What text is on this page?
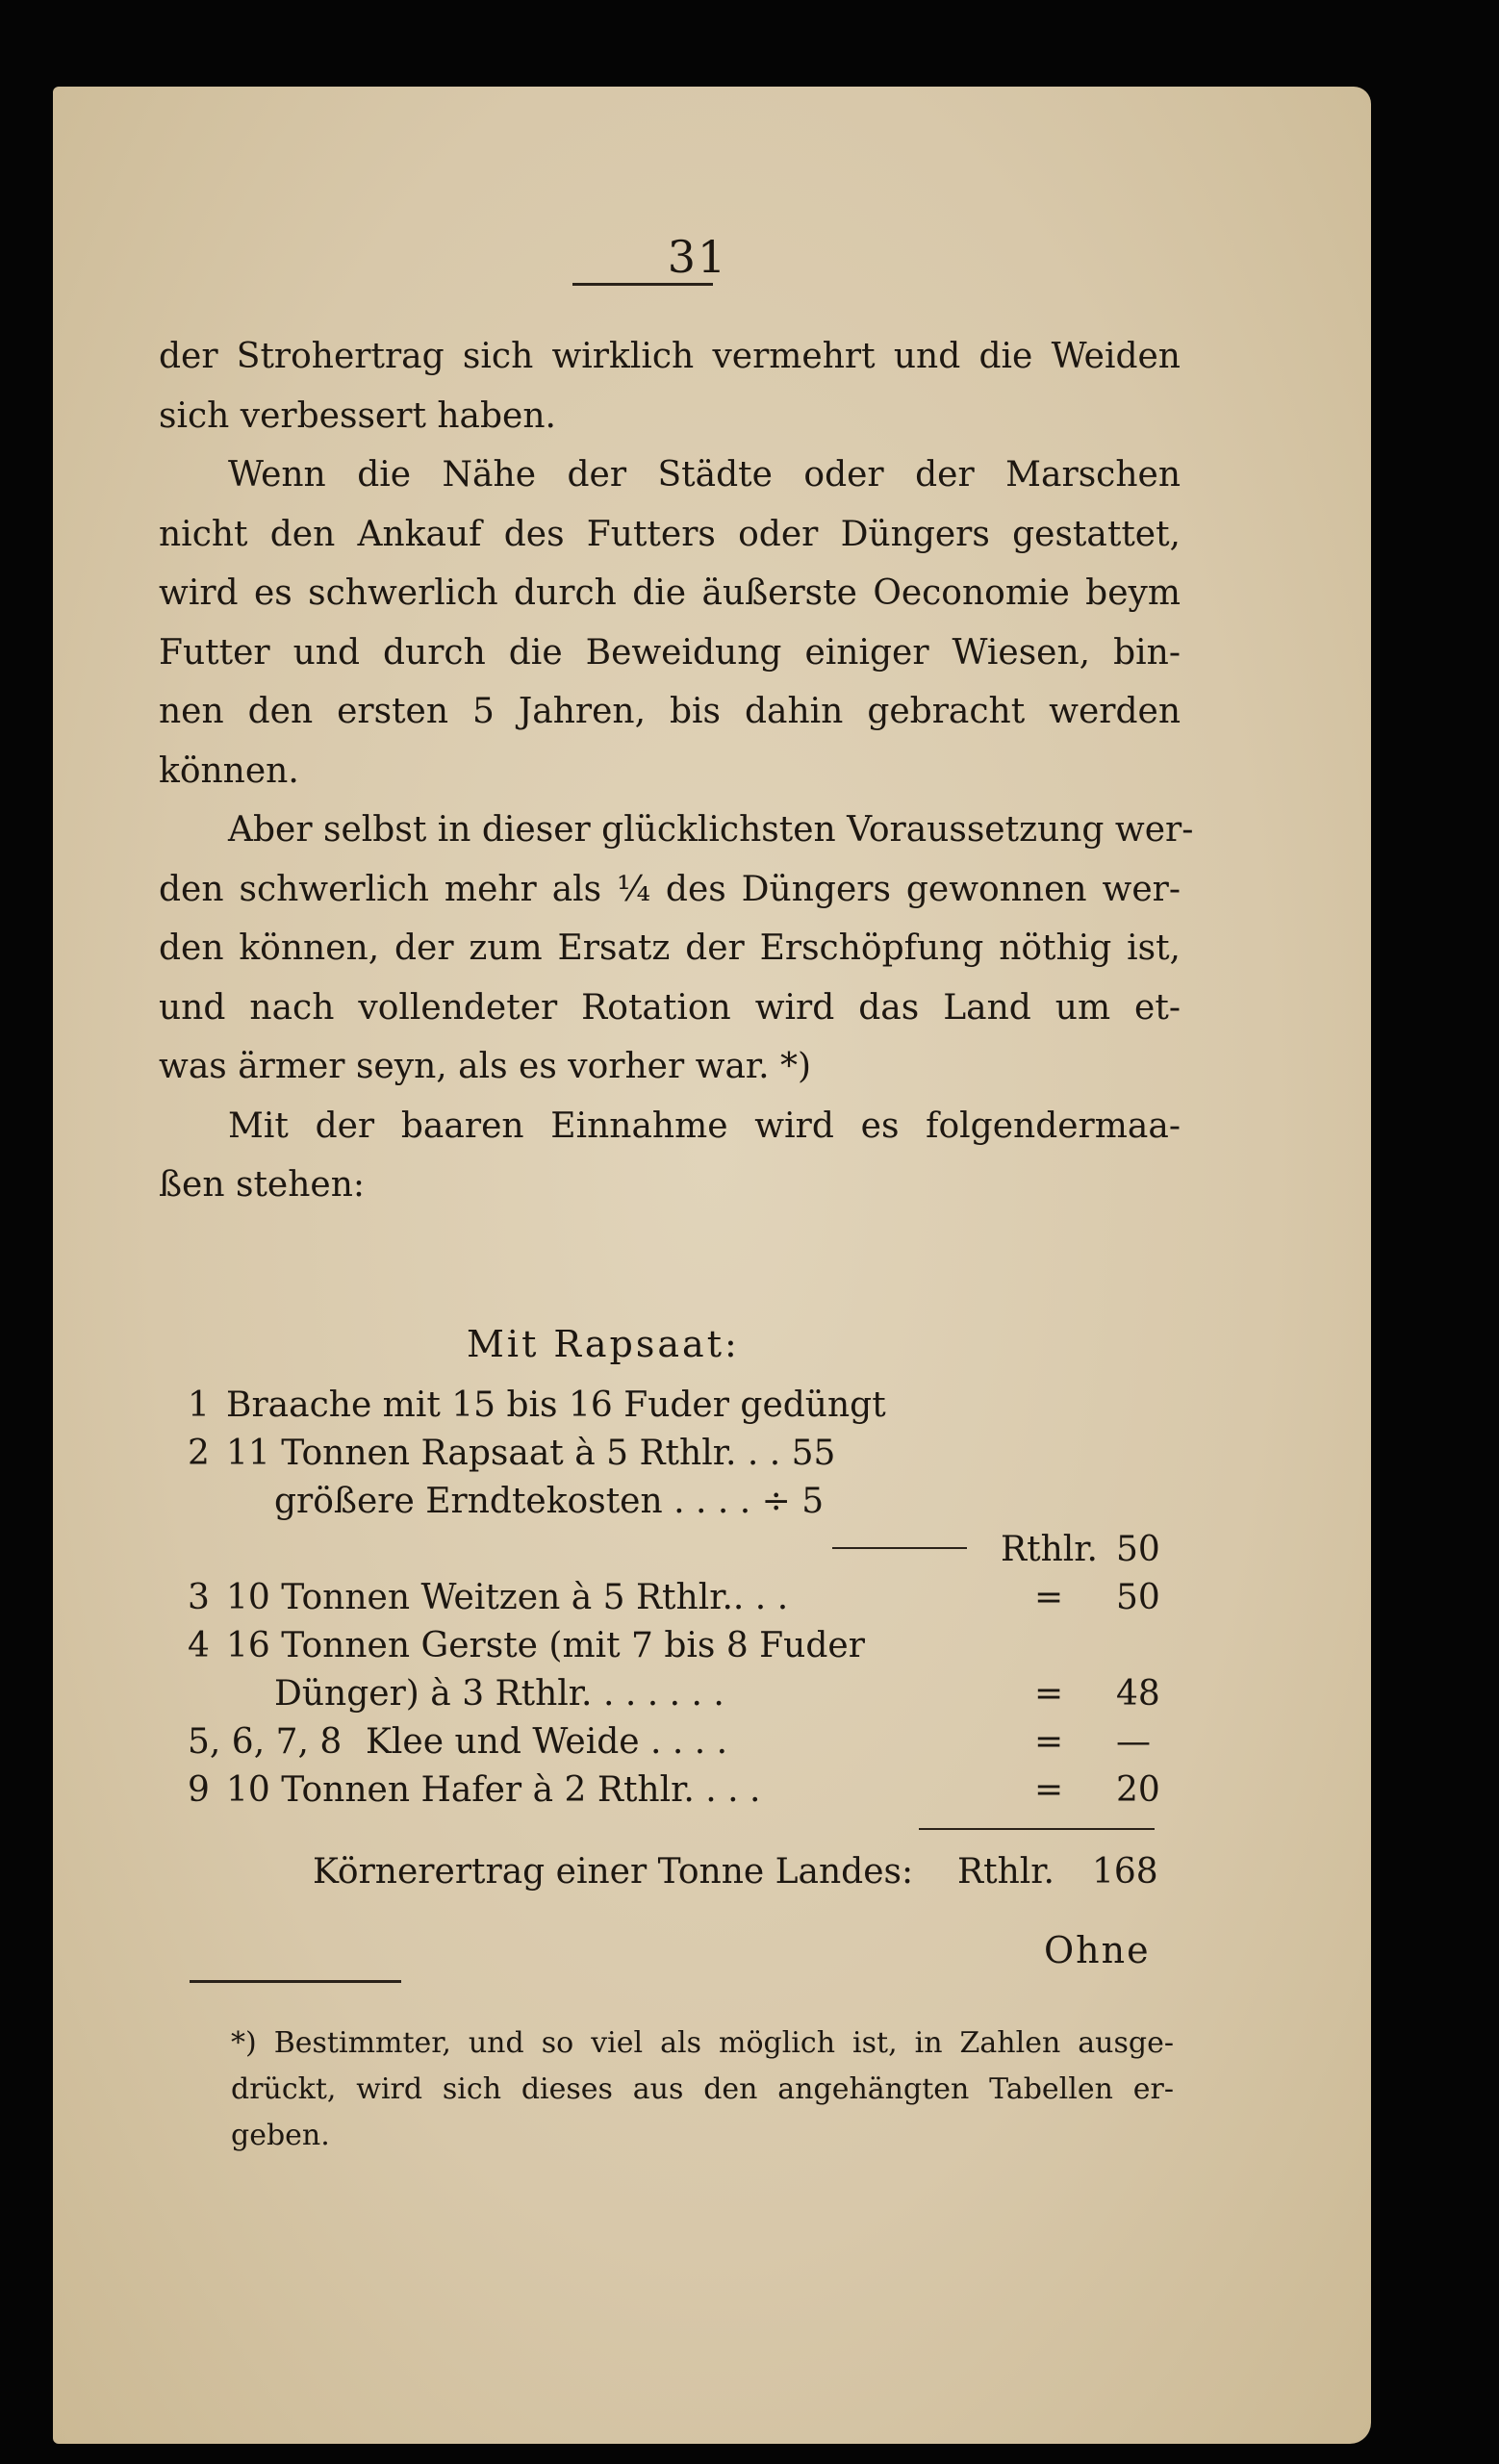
31
der Strohertrag sich wirklich vermehrt und die Weiden
sich verbessert haben.
Wenn die Nähe der Städte oder der Marschen
nicht den Ankauf des Futters oder Düngers gestattet,
wird es schwerlich durch die äußerste Oeconomie beym
Futter und durch die Beweidung einiger Wiesen, bin-
nen den ersten 5 Jahren, bis dahin gebracht werden
können.
Aber selbst in dieser glücklichsten Voraussetzung wer-
den schwerlich mehr als ¼ des Düngers gewonnen wer-
den können, der zum Ersatz der Erschöpfung nöthig ist,
und nach vollendeter Rotation wird das Land um et-
was ärmer seyn, als es vorher war. *)
Mit der baaren Einnahme wird es folgendermaa-
ßen stehen:
Mit Rapsaat:
1 Braache mit 15 bis 16 Fuder gedüngt
2 11 Tonnen Rapsaat à 5 Rthlr. . . 55
größere Erndtekosten . . . . ÷ 5
Rthlr. 50
3 10 Tonnen Weitzen à 5 Rthlr.. . .	= 50
4 16 Tonnen Gerste (mit 7 bis 8 Fuder
Dünger) à 3 Rthlr. . . . . . .	= 48
5, 6, 7, 8 Klee und Weide . . . .	= —
9 10 Tonnen Hafer à 2 Rthlr. . . .	= 20
Körnerertrag einer Tonne Landes: Rthlr. 168
Ohne
*) Bestimmter, und so viel als möglich ist, in Zahlen ausge-
drückt, wird sich dieses aus den angehängten Tabellen er-
geben.
